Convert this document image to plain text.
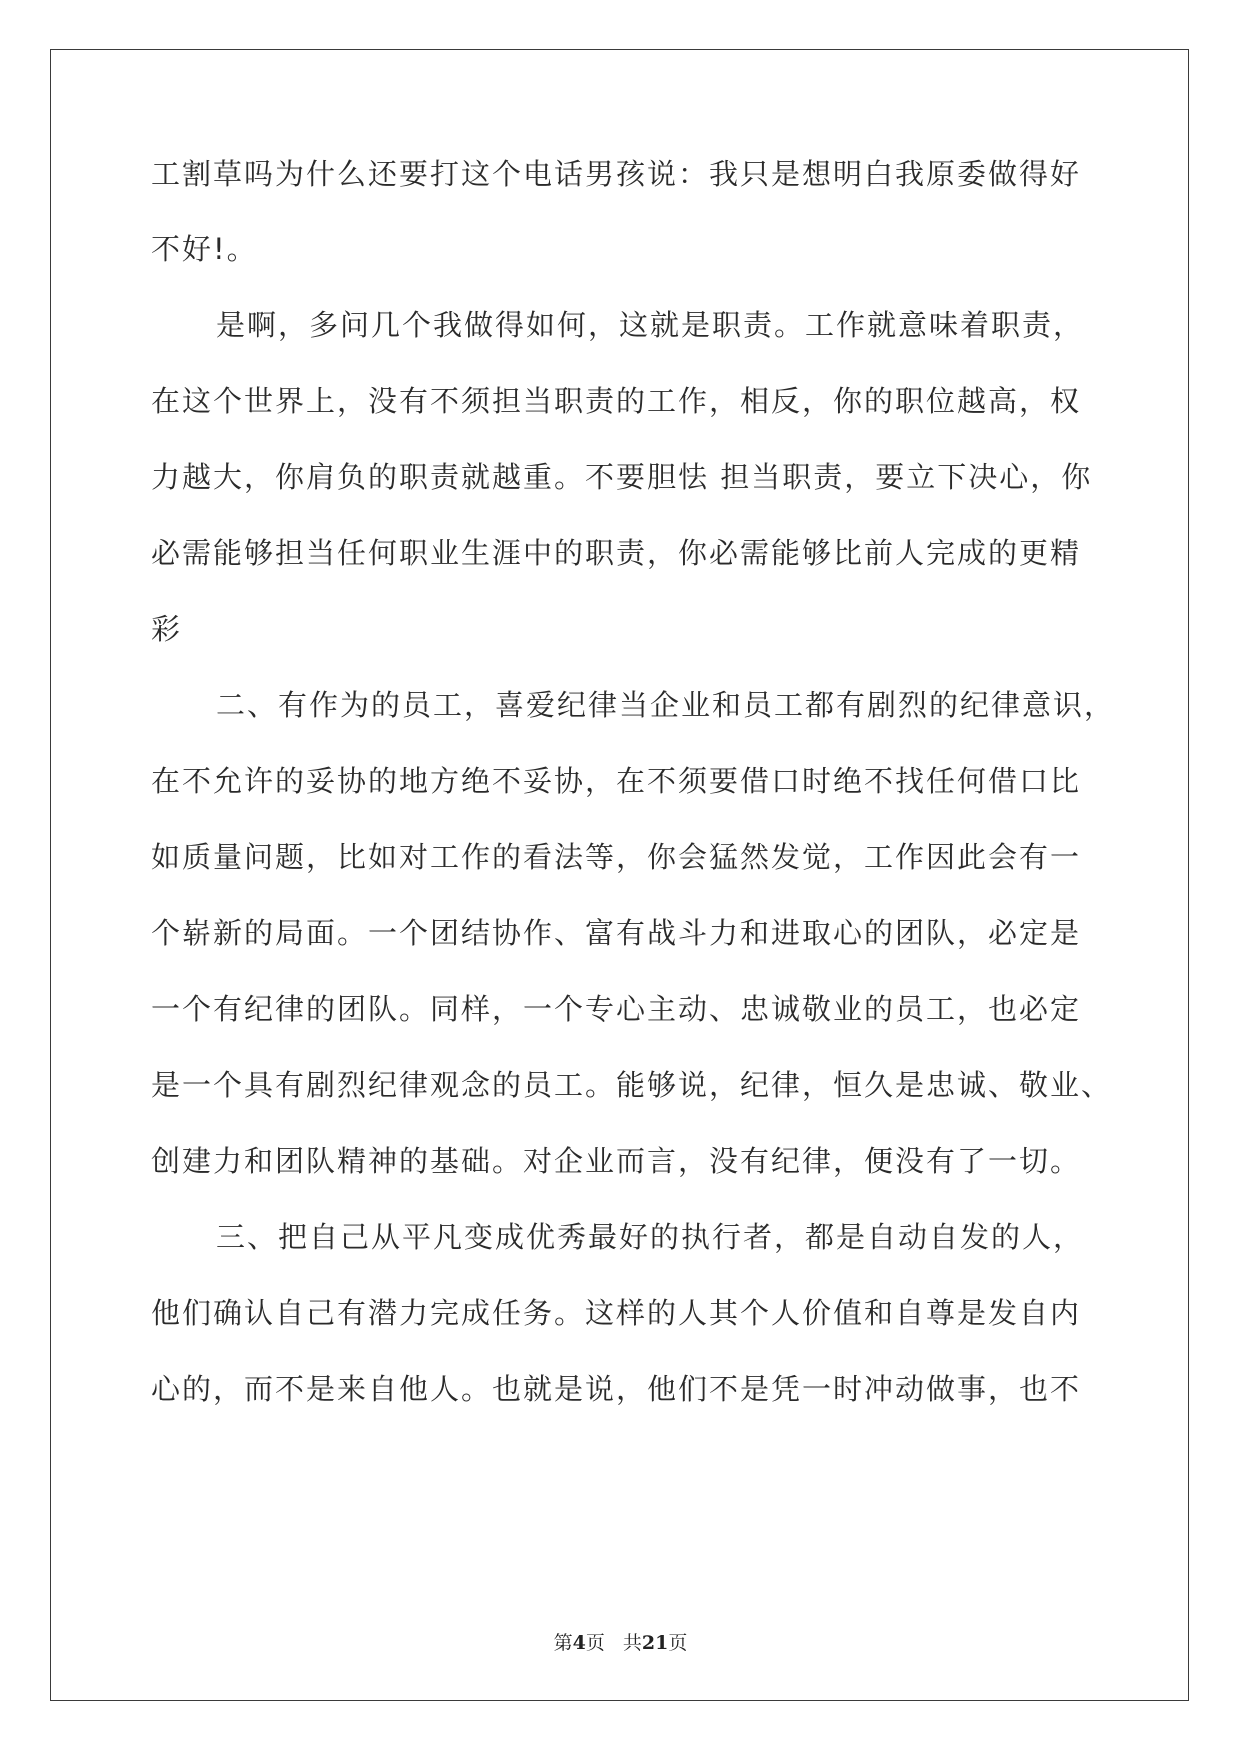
工割草吗为什么还要打这个电话男孩说：我只是想明白我原委做得好
不好!。
是啊，多问几个我做得如何，这就是职责。工作就意味着职责，
在这个世界上，没有不须担当职责的工作，相反，你的职位越高，权
力越大，你肩负的职责就越重。不要胆怯 担当职责，要立下决心，你
必需能够担当任何职业生涯中的职责，你必需能够比前人完成的更精
彩
二、有作为的员工，喜爱纪律当企业和员工都有剧烈的纪律意识，
在不允许的妥协的地方绝不妥协，在不须要借口时绝不找任何借口比
如质量问题，比如对工作的看法等，你会猛然发觉，工作因此会有一
个崭新的局面。一个团结协作、富有战斗力和进取心的团队，必定是
一个有纪律的团队。同样，一个专心主动、忠诚敬业的员工，也必定
是一个具有剧烈纪律观念的员工。能够说，纪律，恒久是忠诚、敬业、
创建力和团队精神的基础。对企业而言，没有纪律，便没有了一切。
三、把自己从平凡变成优秀最好的执行者，都是自动自发的人，
他们确认自己有潜力完成任务。这样的人其个人价值和自尊是发自内
心的，而不是来自他人。也就是说，他们不是凭一时冲动做事，也不
第4页 共21页
